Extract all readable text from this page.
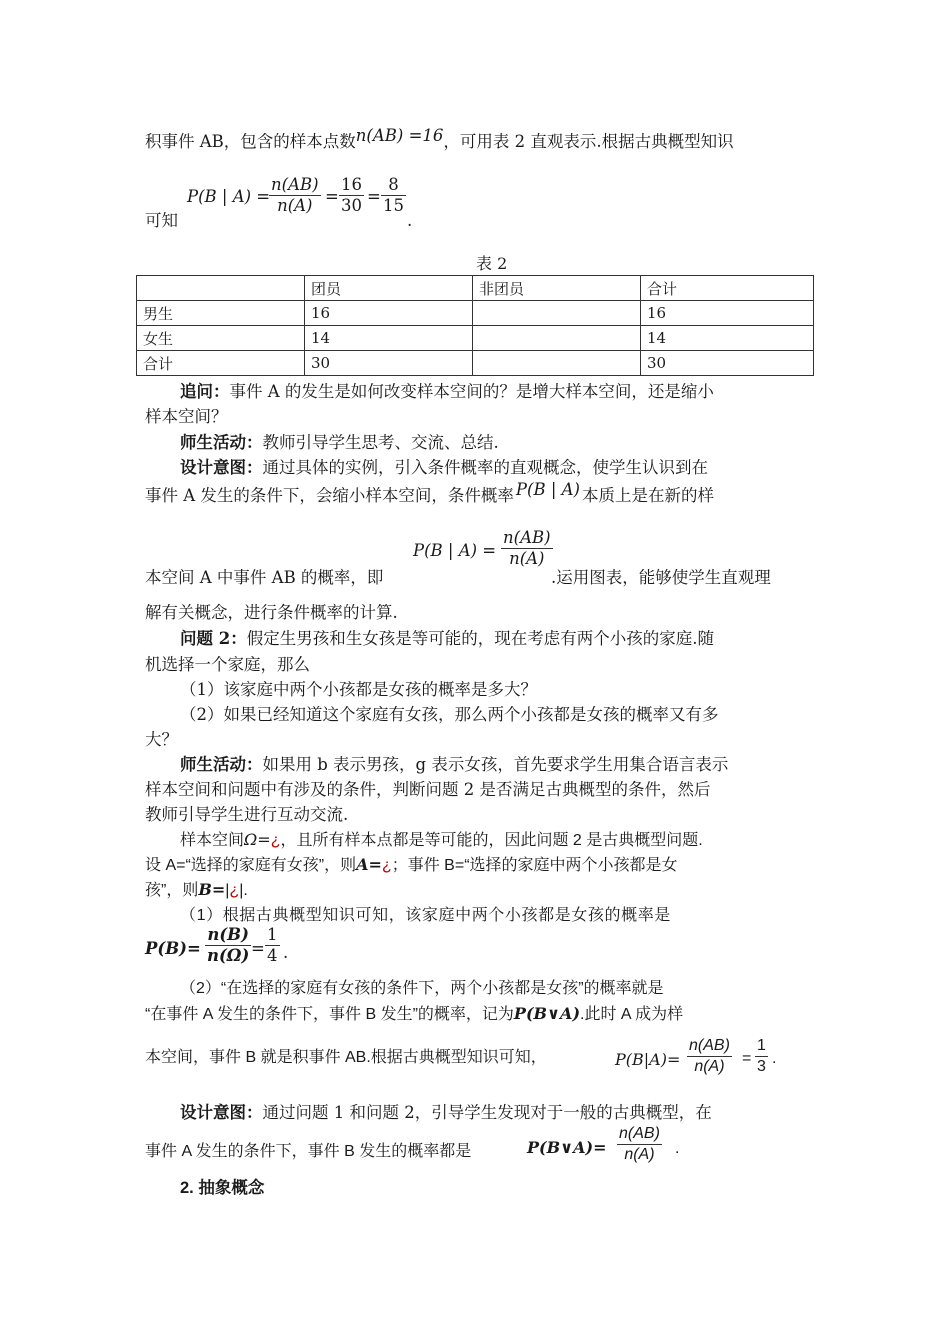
积事件 AB，包含的样本点数n(AB) =16，可用表 2 直观表示.根据古典概型知识
可知
P(B | A) =
$\frac{n(AB)}{n(A)} = \frac{16}{30} = \frac{8}{15}$
.
表 2
	团员	非团员	合计
男生	16		16
女生	14		14
合计	30		30
追问：事件 A 的发生是如何改变样本空间的？是增大样本空间，还是缩小
样本空间？
师生活动：教师引导学生思考、交流、总结.
设计意图：通过具体的实例，引入条件概率的直观概念，使学生认识到在
事件 A 发生的条件下，会缩小样本空间，条件概率 P(B | A) 本质上是在新的样
本空间 A 中事件 AB 的概率，即
P(B | $A) = \frac{n(AB)}{n(A)}$
.运用图表，能够使学生直观理
解有关概念，进行条件概率的计算.
问题 2：假定生男孩和生女孩是等可能的，现在考虑有两个小孩的家庭.随
机选择一个家庭，那么
（1）该家庭中两个小孩都是女孩的概率是多大？
（2）如果已经知道这个家庭有女孩，那么两个小孩都是女孩的概率又有多
大？
师生活动：如果用 b 表示男孩，g 表示女孩，首先要求学生用集合语言表示
样本空间和问题中有涉及的条件，判断问题 2 是否满足古典概型的条件，然后
教师引导学生进行互动交流.
样本空间Ω=¿，且所有样本点都是等可能的，因此问题 2 是古典概型问题.
设 A=“选择的家庭有女孩”，则A=¿；事件 B=“选择的家庭中两个小孩都是女
孩”，则B=|¿|.
（1）根据古典概型知识可知，该家庭中两个小孩都是女孩的概率是
$P(B)= \frac{n(B)}{n(\Omega)} = \frac{1}{4}$ .
（2）“在选择的家庭有女孩的条件下，两个小孩都是女孩”的概率就是
“在事件 A 发生的条件下，事件 B 发生”的概率，记为P(B∨A).此时 A 成为样
本空间，事件 B 就是积事件 AB.根据古典概型知识可知，	$P(B|A)= \frac{n(AB)}{n(A)} = \frac{1}{3}$ .
设计意图：通过问题 1 和问题 2，引导学生发现对于一般的古典概型，在
事件 A 发生的条件下，事件 B 发生的概率都是	P(B∨A)= $\frac{n(AB)}{n(A)}$ .
2. 抽象概念
